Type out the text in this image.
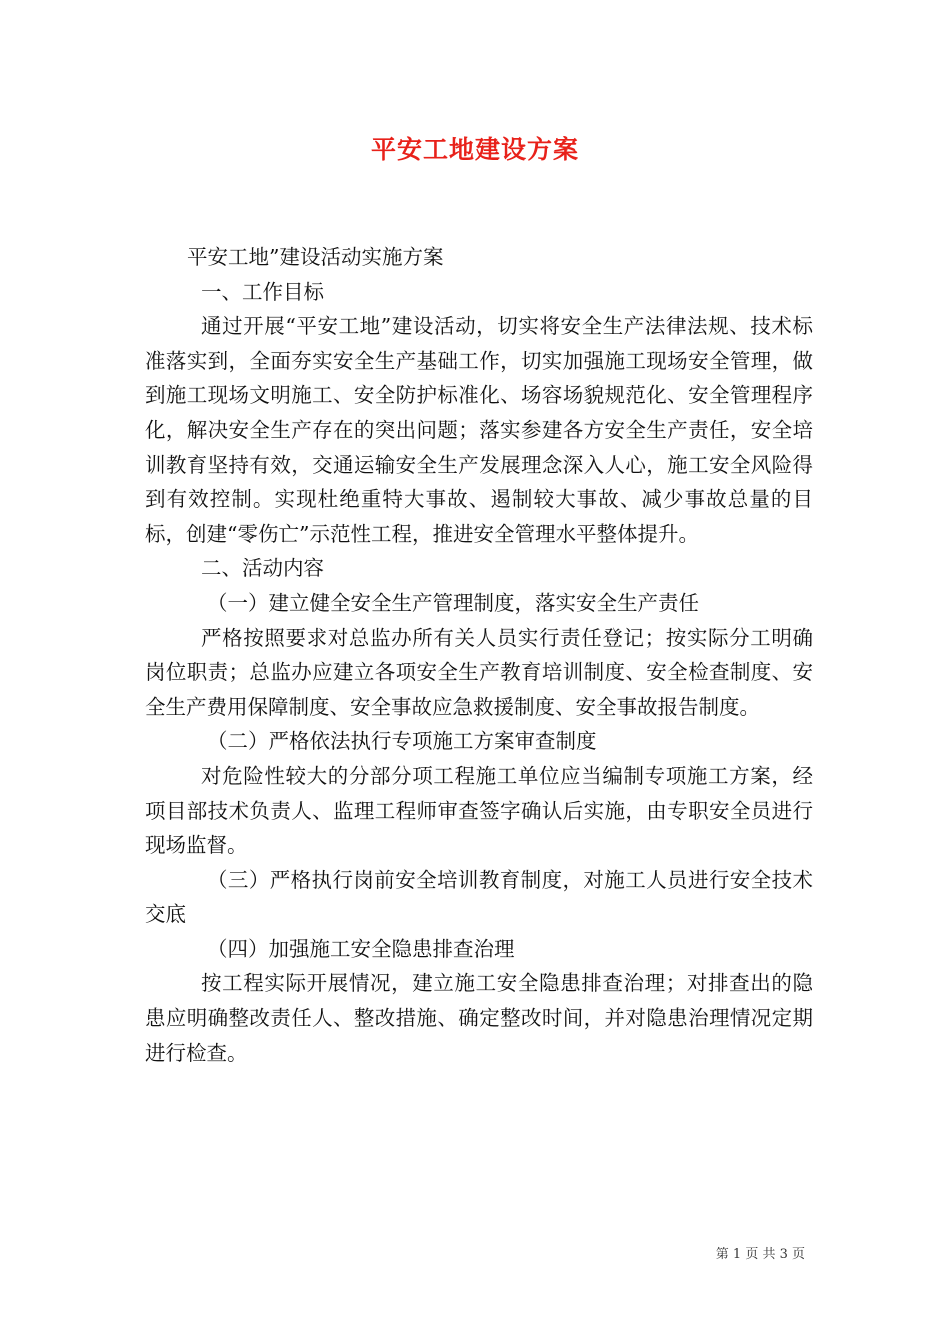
平安工地建设方案

平安工地”建设活动实施方案

一、工作目标

通过开展“平安工地”建设活动，切实将安全生产法律法规、技术标准落实到，全面夯实安全生产基础工作，切实加强施工现场安全管理，做到施工现场文明施工、安全防护标准化、场容场貌规范化、安全管理程序化，解决安全生产存在的突出问题；落实参建各方安全生产责任，安全培训教育坚持有效，交通运输安全生产发展理念深入人心，施工安全风险得到有效控制。实现杜绝重特大事故、遏制较大事故、减少事故总量的目标，创建“零伤亡”示范性工程，推进安全管理水平整体提升。

二、活动内容

（一）建立健全安全生产管理制度，落实安全生产责任

严格按照要求对总监办所有关人员实行责任登记；按实际分工明确岗位职责；总监办应建立各项安全生产教育培训制度、安全检查制度、安全生产费用保障制度、安全事故应急救援制度、安全事故报告制度。

（二）严格依法执行专项施工方案审查制度

对危险性较大的分部分项工程施工单位应当编制专项施工方案，经项目部技术负责人、监理工程师审查签字确认后实施，由专职安全员进行现场监督。

（三）严格执行岗前安全培训教育制度，对施工人员进行安全技术交底

（四）加强施工安全隐患排查治理

按工程实际开展情况，建立施工安全隐患排查治理；对排查出的隐患应明确整改责任人、整改措施、确定整改时间，并对隐患治理情况定期进行检查。

第 1 页 共 3 页
